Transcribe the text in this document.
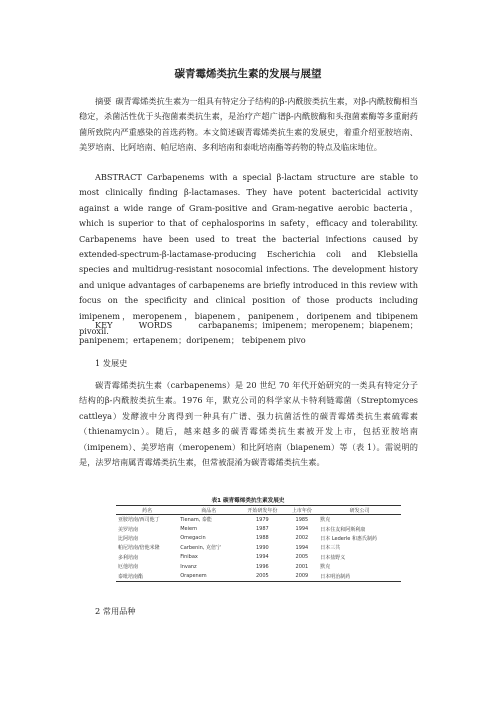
碳青霉烯类抗生素的发展与展望

摘要 碳青霉烯类抗生素为一组具有特定分子结构的β-内酰胺类抗生素，对β-内酰胺酶相当稳定，杀菌活性优于头孢菌素类抗生素，是治疗产超广谱β-内酰胺酶和头孢菌素酶等多重耐药菌所致院内严重感染的首选药物。本文简述碳青霉烯类抗生素的发展史，着重介绍亚胺培南、美罗培南、比阿培南、帕尼培南、多利培南和泰吡培南酯等药物的特点及临床地位。

ABSTRACT Carbapenems with a special β-lactam structure are stable to most clinically finding β-lactamases. They have potent bactericidal activity against a wide range of Gram-positive and Gram-negative aerobic bacteria，which is superior to that of cephalosporins in safety，efficacy and tolerability. Carbapenems have been used to treat the bacterial infections caused by extended-spectrum-β-lactamase-producing Escherichia coli and Klebsiella species and multidrug-resistant nosocomial infections. The development history and unique advantages of carbapenems are briefly introduced in this review with focus on the specificity and clinical position of those products including imipenem，meropenem，biapenem，panipenem，doripenem and tibipenem pivoxil.

KEY WORDS carbapanems；imipenem；meropenem；biapenem；panipenem；ertapenem；doripenem； tebipenem pivo

1 发展史

碳青霉烯类抗生素（carbapenems）是 20 世纪 70 年代开始研究的一类具有特定分子结构的β-内酰胺类抗生素。1976 年，默克公司的科学家从卡特利链霉菌（Streptomyces cattleya）发酵液中分离得到一种具有广谱、强力抗菌活性的碳青霉烯类抗生素硫霉素（thienamycin）。随后，越来越多的碳青霉烯类抗生素被开发上市，包括亚胺培南（imipenem）、美罗培南（meropenem）和比阿培南（biapenem）等（表 1）。需说明的是，法罗培南属青霉烯类抗生素，但常被混淆为碳青霉烯类抗生素。

表1 碳青霉烯类抗生素发展史
药名	商品名	开始研发年份	上市年份	研发公司
亚胺培南/西司他丁	Tienam, 泰能	1979	1985	默克
美罗培南	Meiern	1987	1994	日本住友和阿斯利康
比阿培南	Omegacin	1988	2002	日本 Lederle 和惠氏制药
帕尼培南/倍他米隆	Carbenin, 克倍宁	1990	1994	日本三共
多利培南	Finibax	1994	2005	日本盐野义
厄他培南	Invanz	1996	2001	默克
泰吡培南酯	Orapenem	2005	2009	日本明治制药
2 常用品种
